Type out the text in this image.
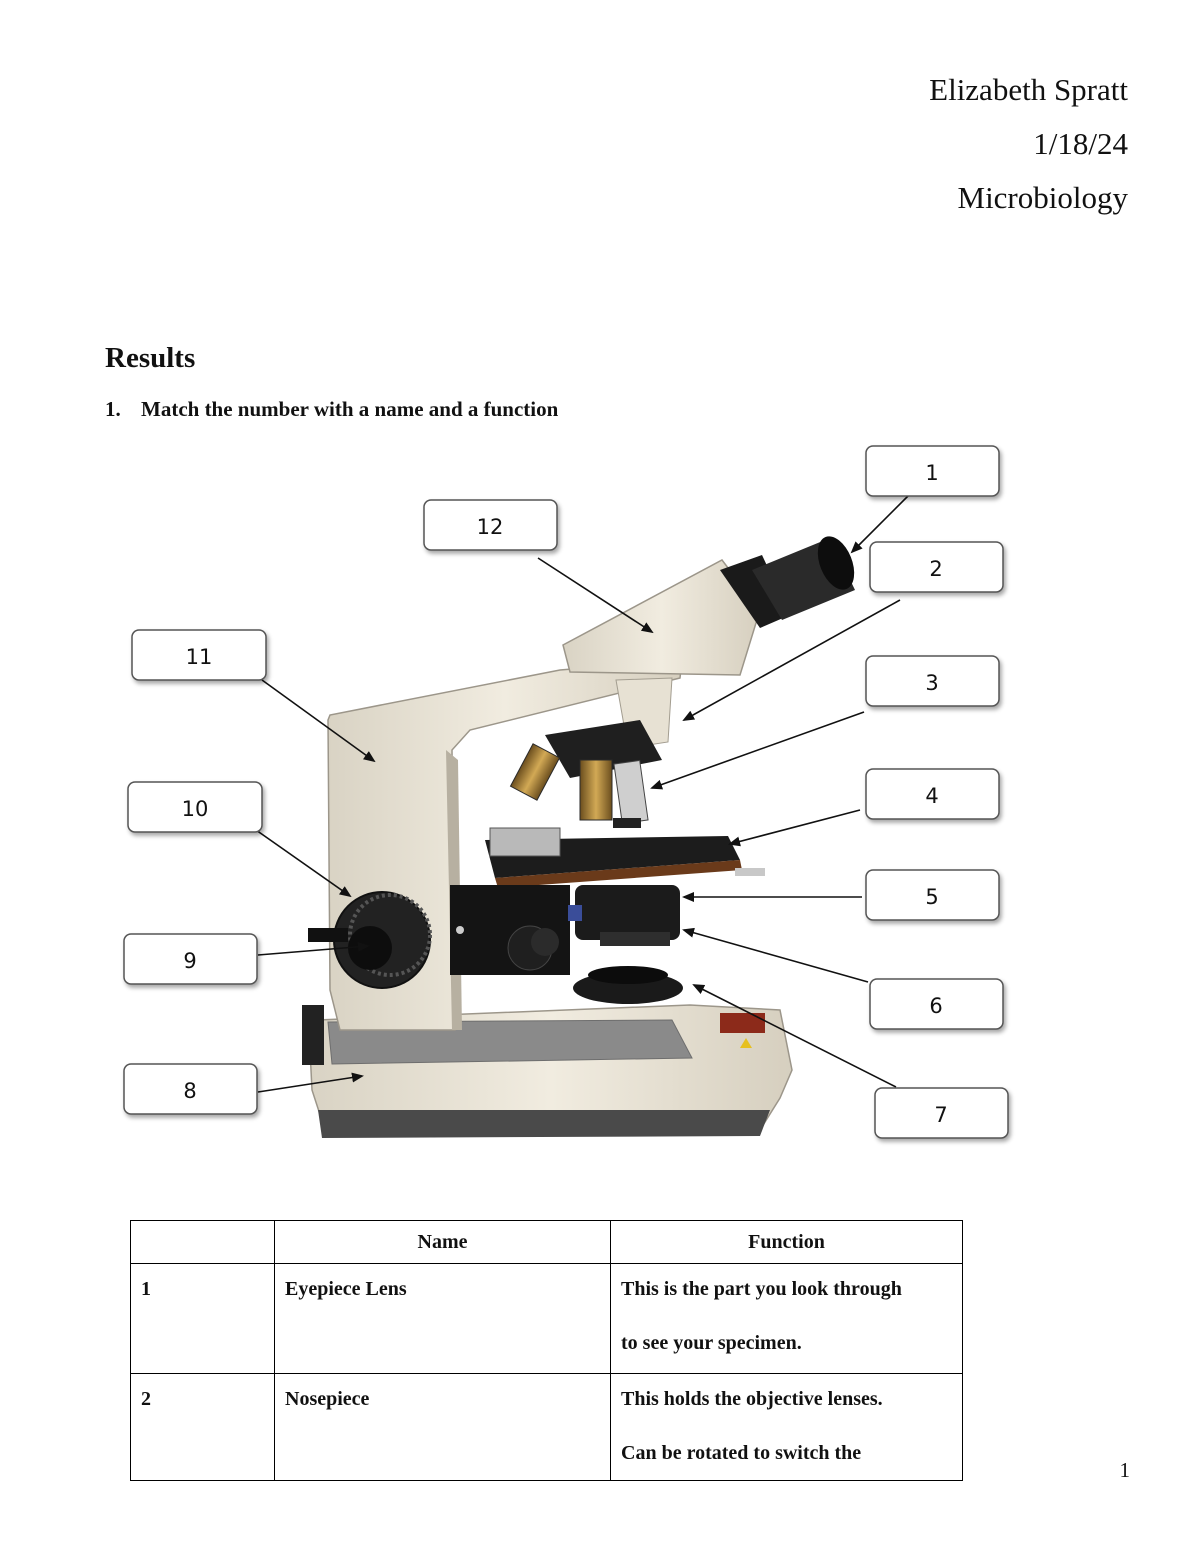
Elizabeth Spratt
1/18/24
Microbiology
Results
1. Match the number with a name and a function
1
2
3
4
5
6
7
8
9
10
11
12
	Name	Function

1	Eyepiece Lens	This is the part you look through
to see your specimen.

2	Nosepiece	This holds the objective lenses.
Can be rotated to switch the
1
